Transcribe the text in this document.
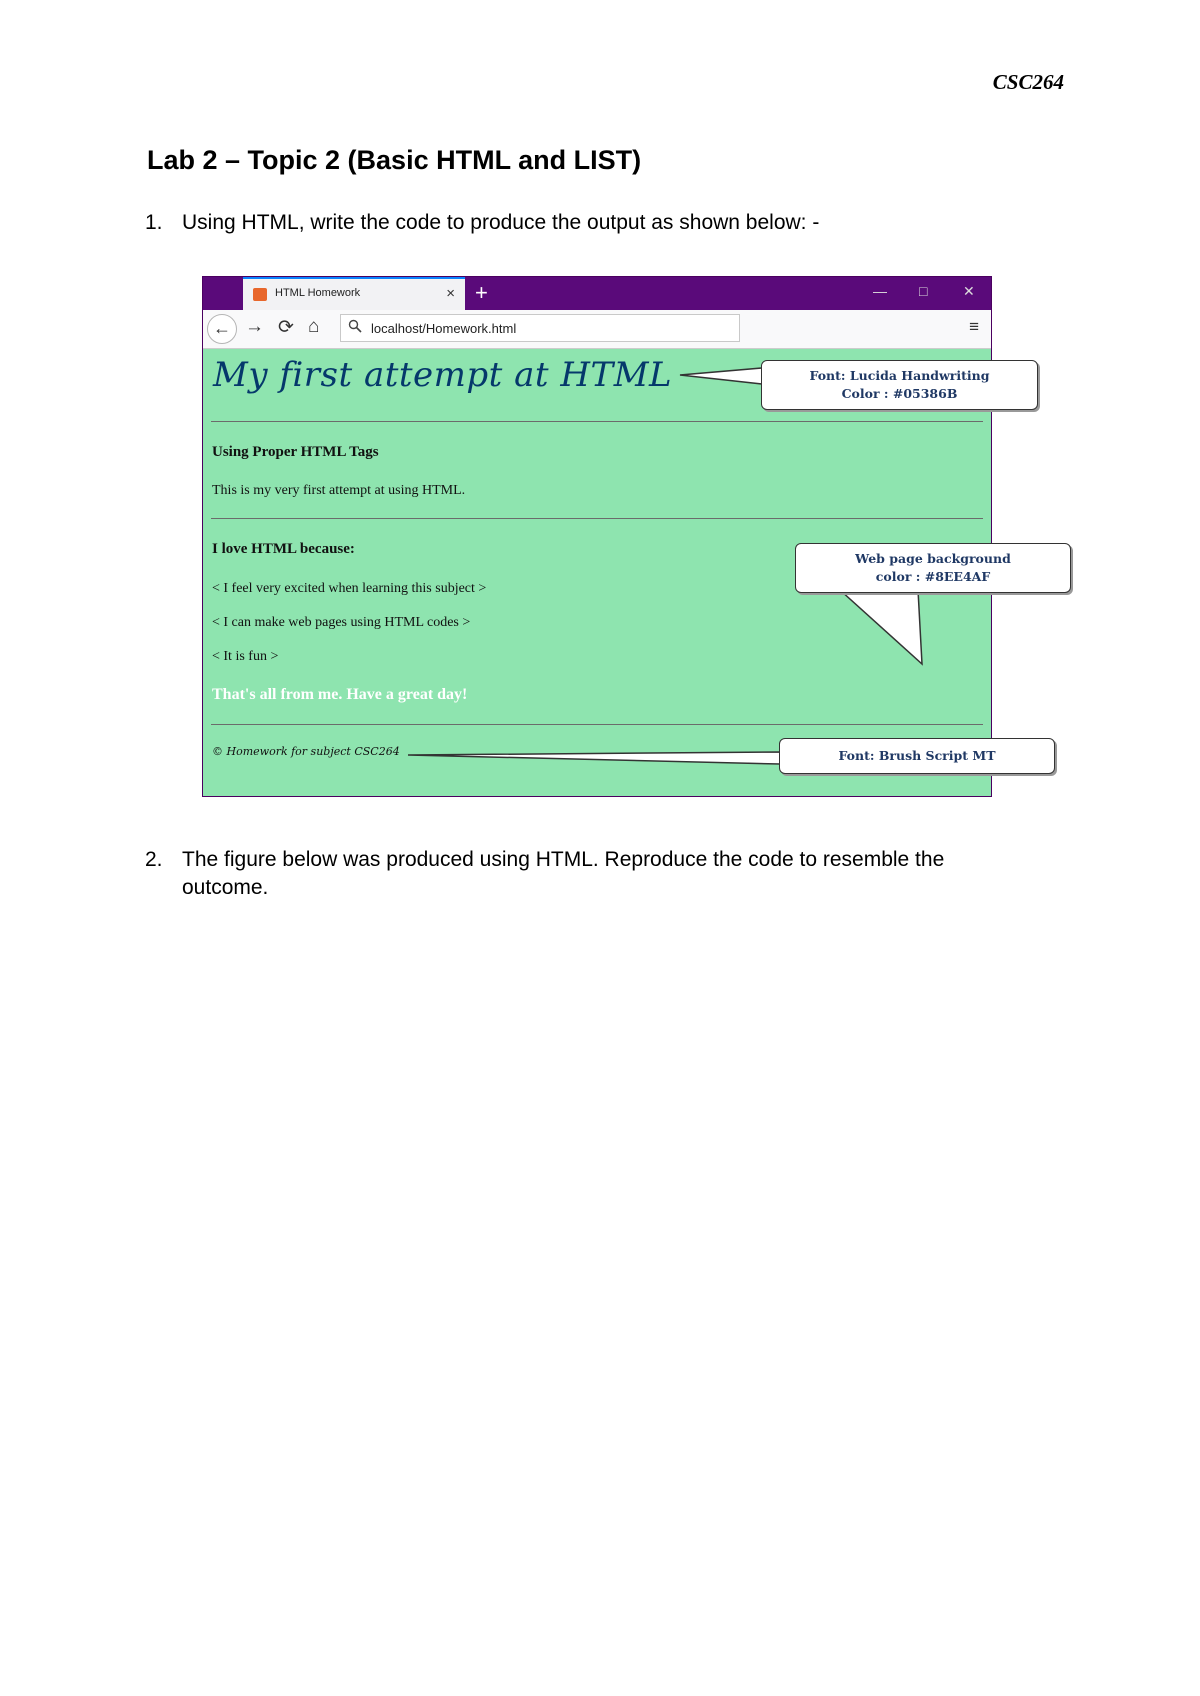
CSC264
Lab 2 – Topic 2 (Basic HTML and LIST)
1. Using HTML, write the code to produce the output as shown below: -
HTML Homework	× +	— □	✕
← → ⟳ ⌂	localhost/Homework.html	≡
My first attempt at HTML
Using Proper HTML Tags
This is my very first attempt at using HTML.
I love HTML because:
< I feel very excited when learning this subject >
< I can make web pages using HTML codes >
< It is fun >
That's all from me. Have a great day!
© Homework for subject CSC264
Font: Lucida Handwriting
Color : #05386B
Web page background
color : #8EE4AF
Font: Brush Script MT
2. The figure below was produced using HTML. Reproduce the code to resemble the outcome.
